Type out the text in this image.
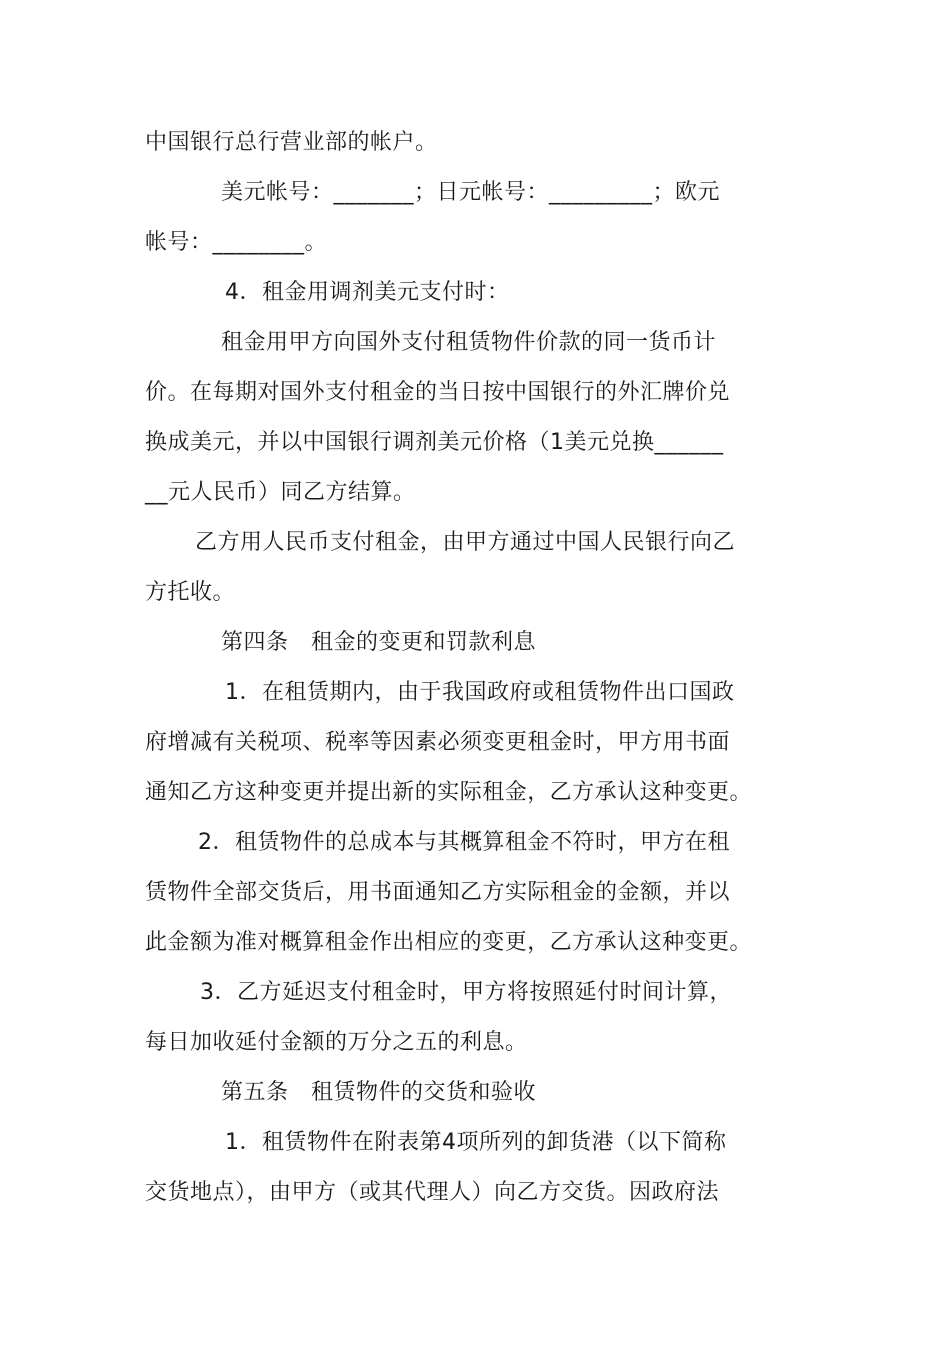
中国银行总行营业部的帐户。
美元帐号：_______；日元帐号：_________；欧元
帐号：________。
4．租金用调剂美元支付时：
租金用甲方向国外支付租赁物件价款的同一货币计
价。在每期对国外支付租金的当日按中国银行的外汇牌价兑
换成美元，并以中国银行调剂美元价格（1美元兑换______
__元人民币）同乙方结算。
乙方用人民币支付租金，由甲方通过中国人民银行向乙
方托收。
第四条　租金的变更和罚款利息
1．在租赁期内，由于我国政府或租赁物件出口国政
府增减有关税项、税率等因素必须变更租金时，甲方用书面
通知乙方这种变更并提出新的实际租金，乙方承认这种变更。
2．租赁物件的总成本与其概算租金不符时，甲方在租
赁物件全部交货后，用书面通知乙方实际租金的金额，并以
此金额为准对概算租金作出相应的变更，乙方承认这种变更。
3．乙方延迟支付租金时，甲方将按照延付时间计算，
每日加收延付金额的万分之五的利息。
第五条　租赁物件的交货和验收
1．租赁物件在附表第4项所列的卸货港（以下简称
交货地点），由甲方（或其代理人）向乙方交货。因政府法
